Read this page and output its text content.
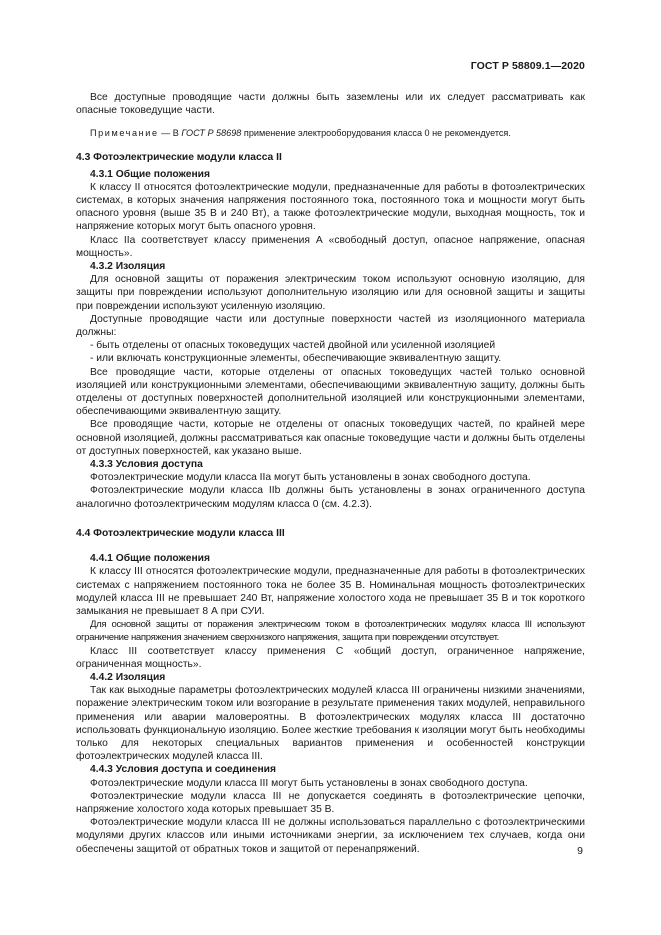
ГОСТ Р 58809.1—2020

Все доступные проводящие части должны быть заземлены или их следует рассматривать как опасные токоведущие части.

Примечание — В ГОСТ Р 58698 применение электрооборудования класса 0 не рекомендуется.

4.3 Фотоэлектрические модули класса II

4.3.1 Общие положения

К классу II относятся фотоэлектрические модули, предназначенные для работы в фотоэлектрических системах, в которых значения напряжения постоянного тока, постоянного тока и мощности могут быть опасного уровня (выше 35 В и 240 Вт), а также фотоэлектрические модули, выходная мощность, ток и напряжение которых могут быть опасного уровня.

Класс IIa соответствует классу применения А «свободный доступ, опасное напряжение, опасная мощность».

4.3.2 Изоляция

Для основной защиты от поражения электрическим током используют основную изоляцию, для защиты при повреждении используют дополнительную изоляцию или для основной защиты и защиты при повреждении используют усиленную изоляцию.

Доступные проводящие части или доступные поверхности частей из изоляционного материала должны:

- быть отделены от опасных токоведущих частей двойной или усиленной изоляцией

- или включать конструкционные элементы, обеспечивающие эквивалентную защиту.

Все проводящие части, которые отделены от опасных токоведущих частей только основной изоляцией или конструкционными элементами, обеспечивающими эквивалентную защиту, должны быть отделены от доступных поверхностей дополнительной изоляцией или конструкционными элементами, обеспечивающими эквивалентную защиту.

Все проводящие части, которые не отделены от опасных токоведущих частей, по крайней мере основной изоляцией, должны рассматриваться как опасные токоведущие части и должны быть отделены от доступных поверхностей, как указано выше.

4.3.3 Условия доступа

Фотоэлектрические модули класса IIa могут быть установлены в зонах свободного доступа.

Фотоэлектрические модули класса IIb должны быть установлены в зонах ограниченного доступа аналогично фотоэлектрическим модулям класса 0 (см. 4.2.3).

4.4 Фотоэлектрические модули класса III

4.4.1 Общие положения

К классу III относятся фотоэлектрические модули, предназначенные для работы в фотоэлектрических системах с напряжением постоянного тока не более 35 В. Номинальная мощность фотоэлектрических модулей класса III не превышает 240 Вт, напряжение холостого хода не превышает 35 В и ток короткого замыкания не превышает 8 А при СУИ.

Для основной защиты от поражения электрическим током в фотоэлектрических модулях класса III используют ограничение напряжения значением сверхнизкого напряжения, защита при повреждении отсутствует.

Класс III соответствует классу применения С «общий доступ, ограниченное напряжение, ограниченная мощность».

4.4.2 Изоляция

Так как выходные параметры фотоэлектрических модулей класса III ограничены низкими значениями, поражение электрическим током или возгорание в результате применения таких модулей, неправильного применения или аварии маловероятны. В фотоэлектрических модулях класса III достаточно использовать функциональную изоляцию. Более жесткие требования к изоляции могут быть необходимы только для некоторых специальных вариантов применения и особенностей конструкции фотоэлектрических модулей класса III.

4.4.3 Условия доступа и соединения

Фотоэлектрические модули класса III могут быть установлены в зонах свободного доступа.

Фотоэлектрические модули класса III не допускается соединять в фотоэлектрические цепочки, напряжение холостого хода которых превышает 35 В.

Фотоэлектрические модули класса III не должны использоваться параллельно с фотоэлектрическими модулями других классов или иными источниками энергии, за исключением тех случаев, когда они обеспечены защитой от обратных токов и защитой от перенапряжений.	9
